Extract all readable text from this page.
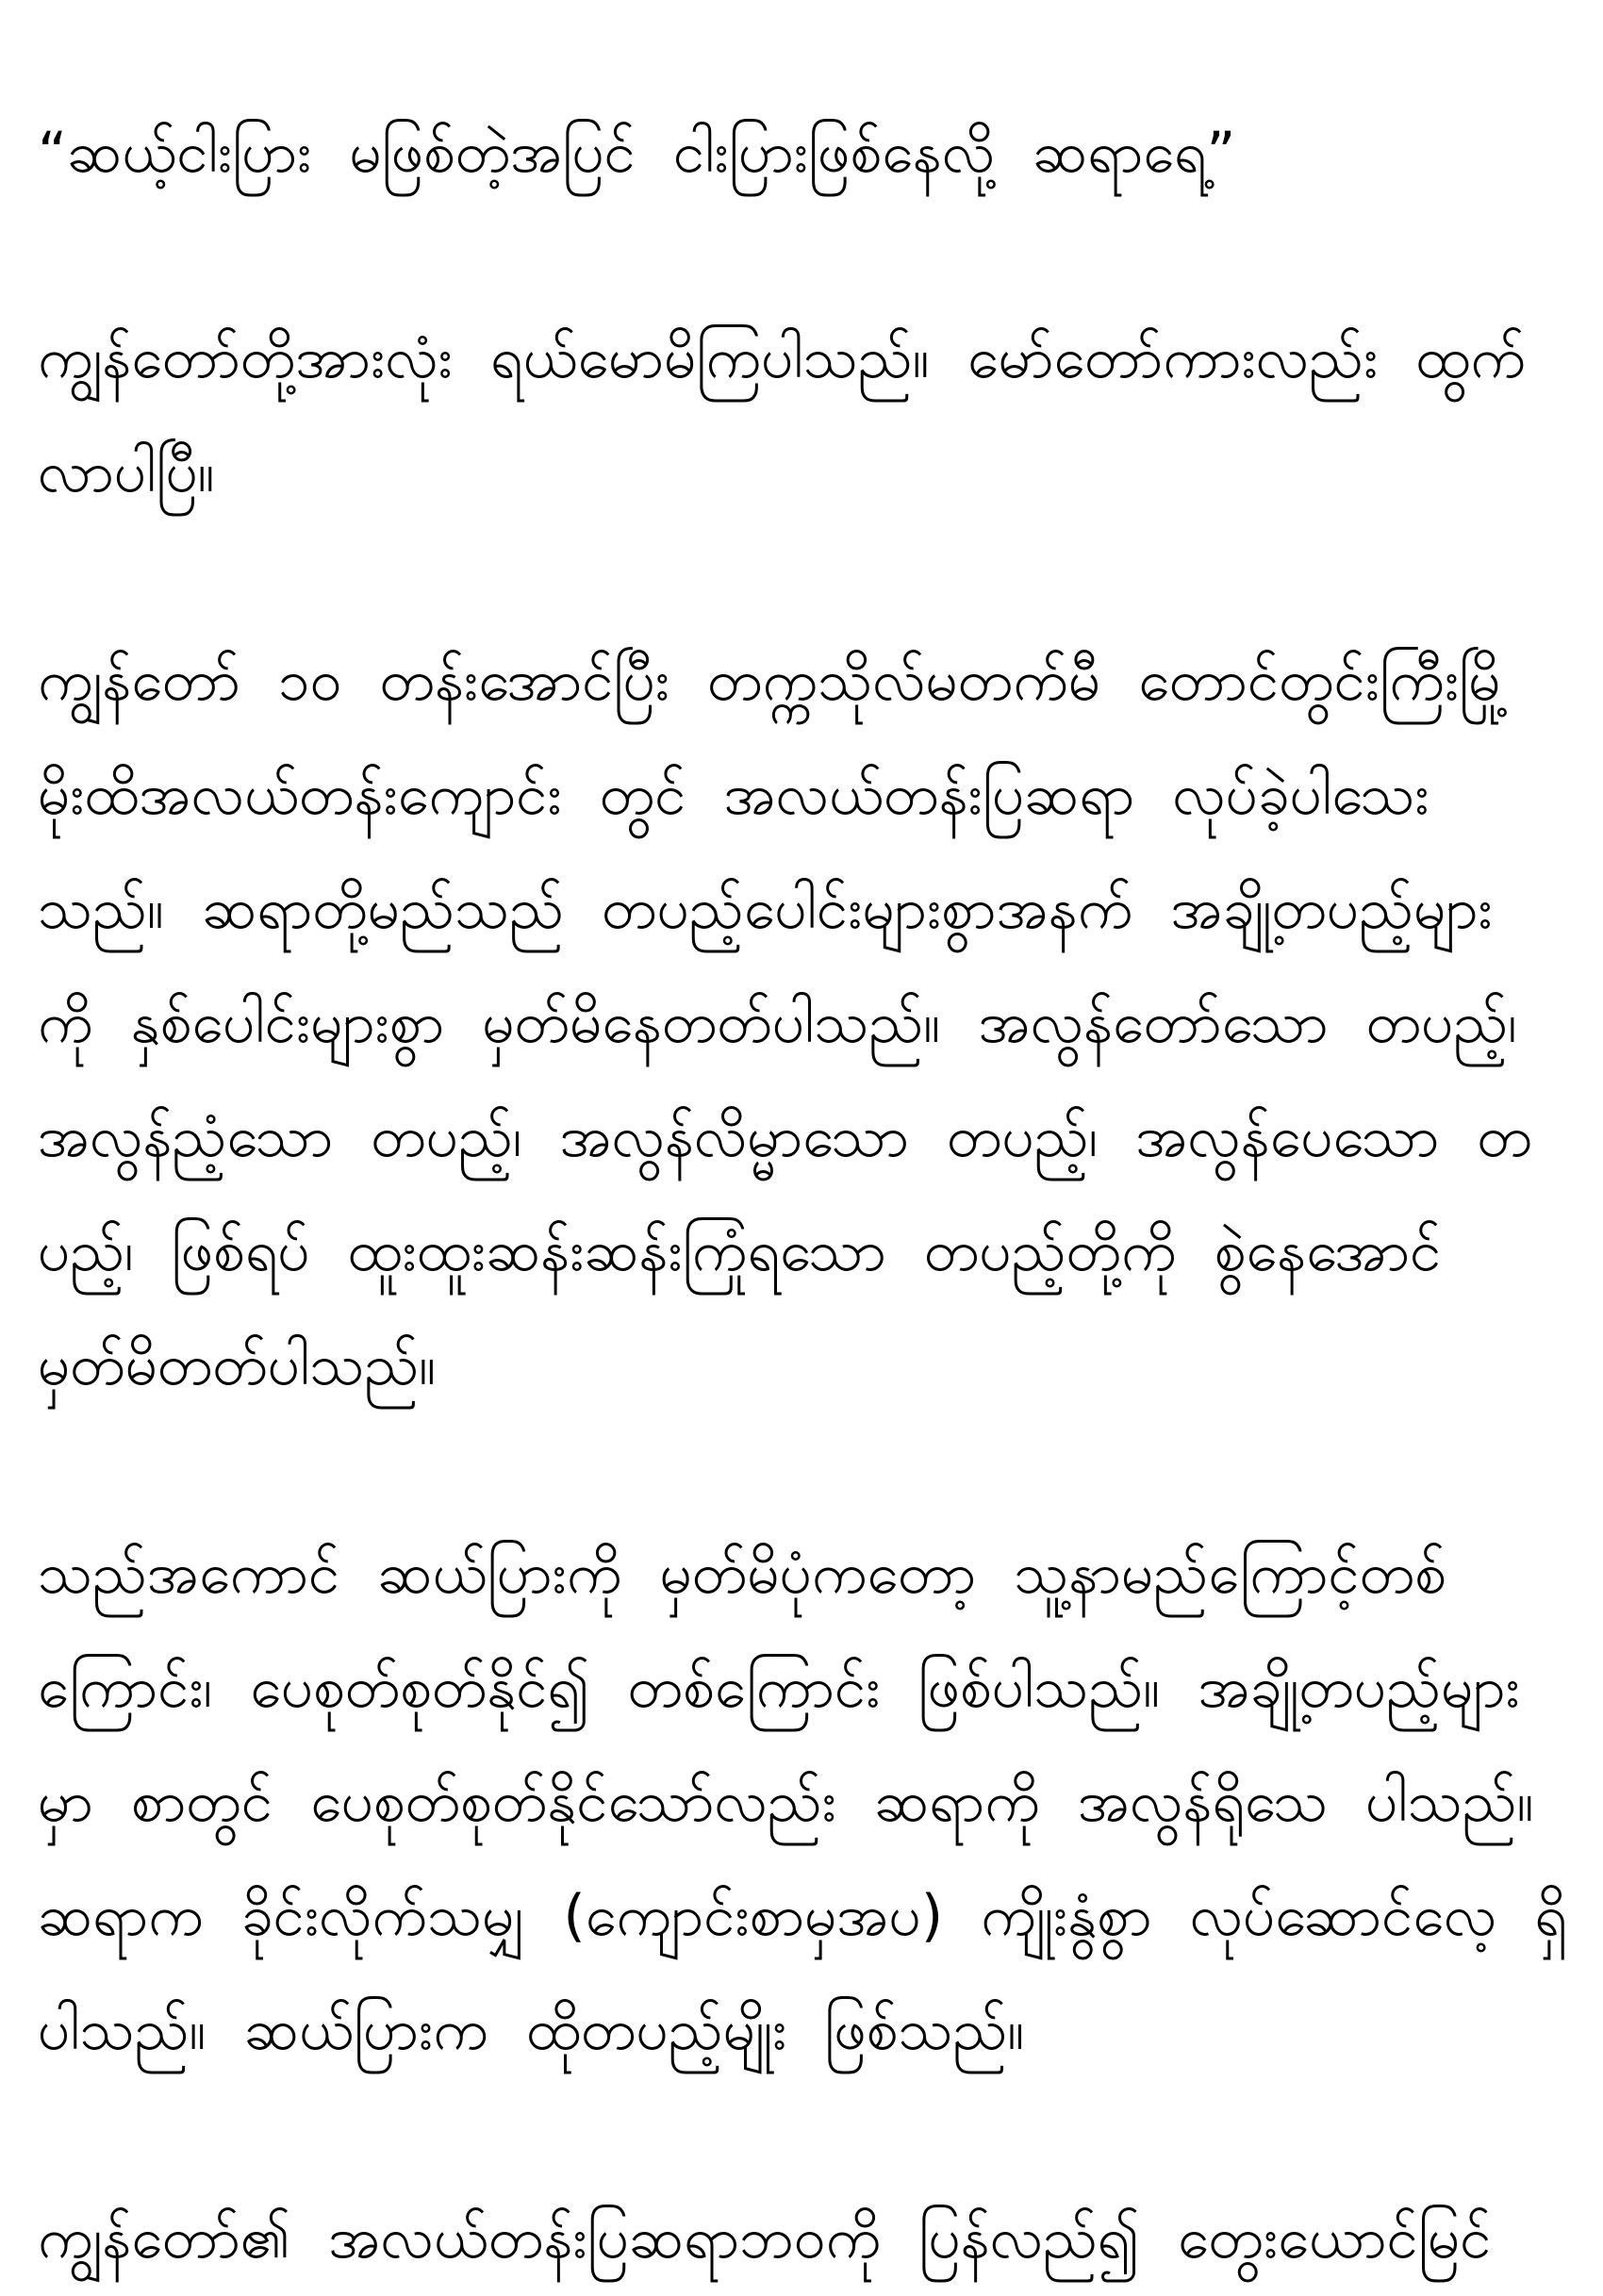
“ဆယ့်ငါးပြား မဖြစ်တဲ့အပြင် ငါးပြားဖြစ်နေလို့ ဆရာရေ့”
ကျွန်တော်တို့အားလုံး ရယ်မောမိကြပါသည်။ မော်တော်ကားလည်း ထွက်
လာပါပြီ။
ကျွန်တော် ၁၀ တန်းအောင်ပြီး တက္ကသိုလ်မတက်မီ တောင်တွင်းကြီးမြို့
မိုးထိအလယ်တန်းကျောင်း တွင် အလယ်တန်းပြဆရာ လုပ်ခဲ့ပါသေး
သည်။ ဆရာတို့မည်သည် တပည့်ပေါင်းများစွာအနက် အချို့တပည့်များ
ကို နှစ်ပေါင်းများစွာ မှတ်မိနေတတ်ပါသည်။ အလွန်တော်သော တပည့်၊
အလွန်ညံ့သော တပည့်၊ အလွန်လိမ္မာသော တပည့်၊ အလွန်ပေသော တ
ပည့်၊ ဖြစ်ရပ် ထူးထူးဆန်းဆန်းကြုံရသော တပည့်တို့ကို စွဲနေအောင်
မှတ်မိတတ်ပါသည်။
သည်အကောင် ဆယ်ပြားကို မှတ်မိပုံကတော့ သူ့နာမည်ကြောင့်တစ်
ကြောင်း၊ ပေစုတ်စုတ်နိုင်၍ တစ်ကြောင်း ဖြစ်ပါသည်။ အချို့တပည့်များ
မှာ စာတွင် ပေစုတ်စုတ်နိုင်သော်လည်း ဆရာကို အလွန်ရိုသေ ပါသည်။
ဆရာက ခိုင်းလိုက်သမျှ (ကျောင်းစာမှအပ) ကျိုးနွံစွာ လုပ်ဆောင်လေ့ ရှိ
ပါသည်။ ဆယ်ပြားက ထိုတပည့်မျိုး ဖြစ်သည်။
ကျွန်တော်၏ အလယ်တန်းပြဆရာဘဝကို ပြန်လည်၍ တွေးယောင်မြင်
